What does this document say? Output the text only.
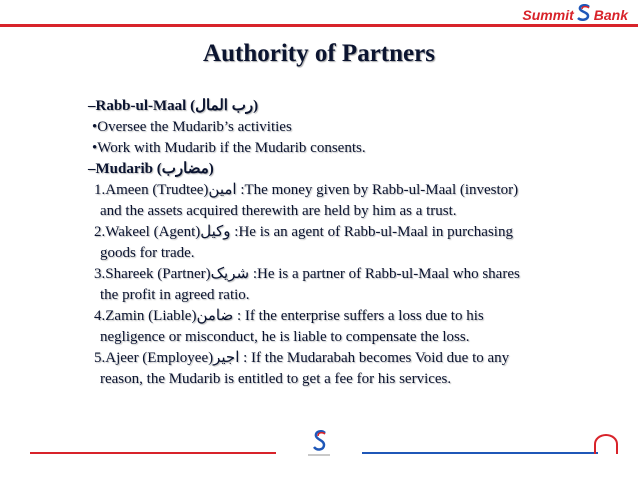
Summit Bank
Authority of Partners
–Rabb-ul-Maal (رب المال)
•Oversee the Mudarib’s activities
•Work with Mudarib if the Mudarib consents.
–Mudarib (مضارب)
1.Ameen (Trudtee)امين :The money given by Rabb-ul-Maal (investor)
and the assets acquired therewith are held by him as a trust.
2.Wakeel (Agent)وکيل :He is an agent of Rabb-ul-Maal in purchasing
goods for trade.
3.Shareek (Partner)شريک :He is a partner of Rabb-ul-Maal who shares
the profit in agreed ratio.
4.Zamin (Liable)ضامن : If the enterprise suffers a loss due to his
negligence or misconduct, he is liable to compensate the loss.
5.Ajeer (Employee)اجير : If the Mudarabah becomes Void due to any
reason, the Mudarib is entitled to get a fee for his services.
